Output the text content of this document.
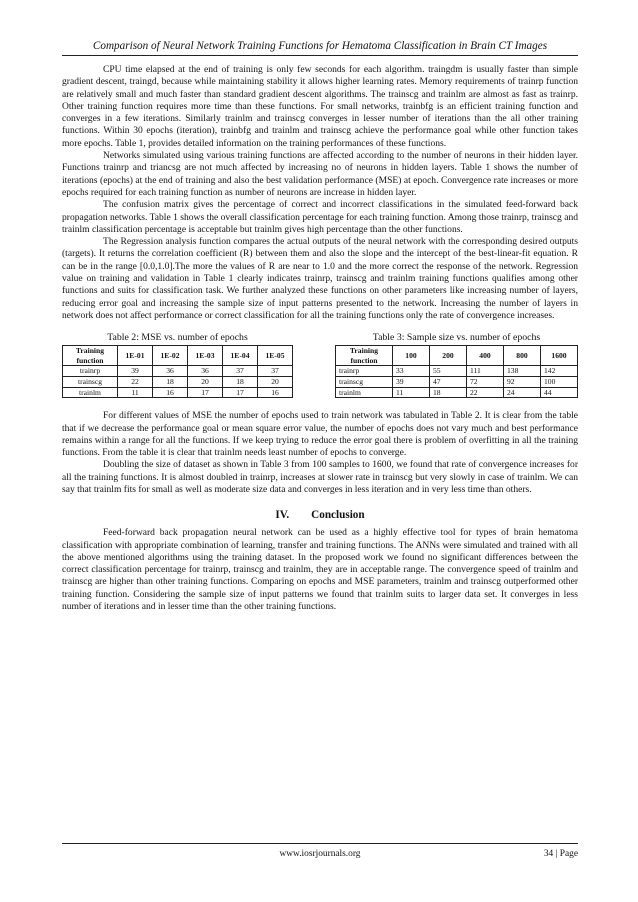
Comparison of Neural Network Training Functions for Hematoma Classification in Brain CT Images

CPU time elapsed at the end of training is only few seconds for each algorithm. traingdm is usually faster than simple gradient descent, traingd, because while maintaining stability it allows higher learning rates. Memory requirements of trainrp function are relatively small and much faster than standard gradient descent algorithms. The trainscg and trainlm are almost as fast as trainrp. Other training function requires more time than these functions. For small networks, trainbfg is an efficient training function and converges in a few iterations. Similarly trainlm and trainscg converges in lesser number of iterations than the all other training functions. Within 30 epochs (iteration), trainbfg and trainlm and trainscg achieve the performance goal while other function takes more epochs. Table 1, provides detailed information on the training performances of these functions.

Networks simulated using various training functions are affected according to the number of neurons in their hidden layer. Functions trainrp and triancsg are not much affected by increasing no of neurons in hidden layers. Table 1 shows the number of iterations (epochs) at the end of training and also the best validation performance (MSE) at epoch. Convergence rate increases or more epochs required for each training function as number of neurons are increase in hidden layer.

The confusion matrix gives the percentage of correct and incorrect classifications in the simulated feed-forward back propagation networks. Table 1 shows the overall classification percentage for each training function. Among those trainrp, trainscg and trainlm classification percentage is acceptable but trainlm gives high percentage than the other functions.

The Regression analysis function compares the actual outputs of the neural network with the corresponding desired outputs (targets). It returns the correlation coefficient (R) between them and also the slope and the intercept of the best-linear-fit equation. R can be in the range [0.0,1.0].The more the values of R are near to 1.0 and the more correct the response of the network. Regression value on training and validation in Table 1 clearly indicates trainrp, trainscg and trainlm training functions qualifies among other functions and suits for classification task. We further analyzed these functions on other parameters like increasing number of layers, reducing error goal and increasing the sample size of input patterns presented to the network. Increasing the number of layers in network does not affect performance or correct classification for all the training functions only the rate of convergence increases.

Table 2: MSE vs. number of epochs
Training function	1E-01	1E-02	1E-03	1E-04	1E-05
trainrp	39	36	36	37	37
trainscg	22	18	20	18	20
trainlm	11	16	17	17	16
Table 3: Sample size vs. number of epochs
Training function	100	200	400	800	1600
trainrp	33	55	111	138	142
trainscg	39	47	72	92	100
trainlm	11	18	22	24	44

For different values of MSE the number of epochs used to train network was tabulated in Table 2. It is clear from the table that if we decrease the performance goal or mean square error value, the number of epochs does not vary much and best performance remains within a range for all the functions. If we keep trying to reduce the error goal there is problem of overfitting in all the training functions. From the table it is clear that trainlm needs least number of epochs to converge.

Doubling the size of dataset as shown in Table 3 from 100 samples to 1600, we found that rate of convergence increases for all the training functions. It is almost doubled in trainrp, increases at slower rate in trainscg but very slowly in case of trainlm. We can say that trainlm fits for small as well as moderate size data and converges in less iteration and in very less time than others.

IV. Conclusion

Feed-forward back propagation neural network can be used as a highly effective tool for types of brain hematoma classification with appropriate combination of learning, transfer and training functions. The ANNs were simulated and trained with all the above mentioned algorithms using the training dataset. In the proposed work we found no significant differences between the correct classification percentage for trainrp, trainscg and trainlm, they are in acceptable range. The convergence speed of trainlm and trainscg are higher than other training functions. Comparing on epochs and MSE parameters, trainlm and trainscg outperformed other training function. Considering the sample size of input patterns we found that trainlm suits to larger data set. It converges in less number of iterations and in lesser time than the other training functions.

www.iosrjournals.org	34 | Page
